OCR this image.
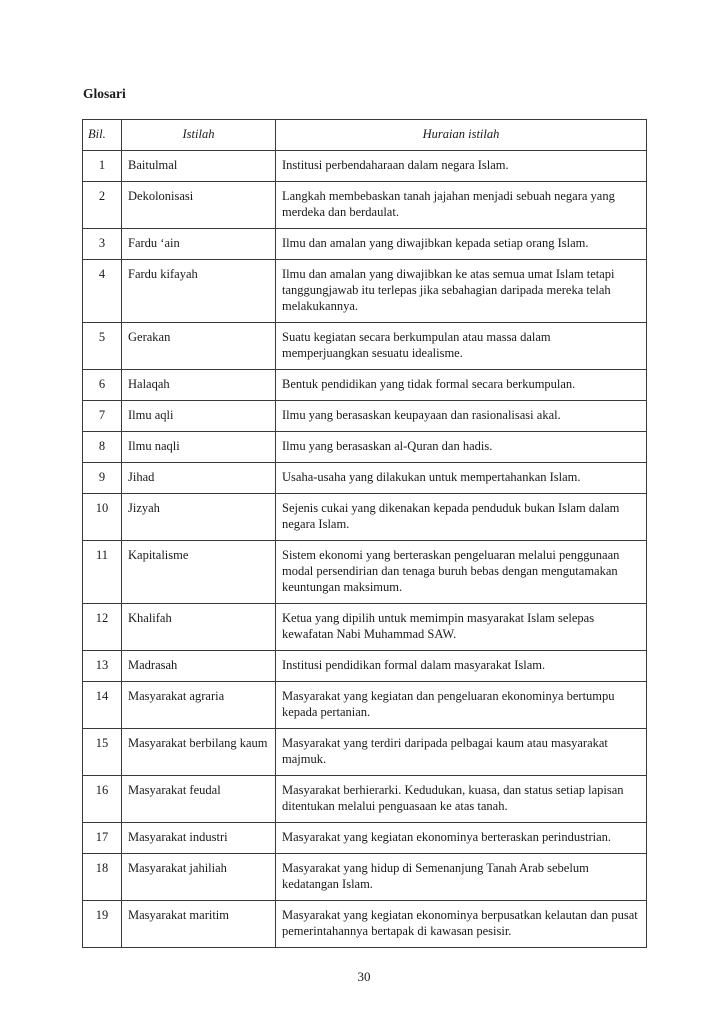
Glosari
Bil.	Istilah	Huraian istilah
1	Baitulmal	Institusi perbendaharaan dalam negara Islam.
2	Dekolonisasi	Langkah membebaskan tanah jajahan menjadi sebuah negara yang merdeka dan berdaulat.
3	Fardu ‘ain	Ilmu dan amalan yang diwajibkan kepada setiap orang Islam.
4	Fardu kifayah	Ilmu dan amalan yang diwajibkan ke atas semua umat Islam tetapi tanggungjawab itu terlepas jika sebahagian daripada mereka telah melakukannya.
5	Gerakan	Suatu kegiatan secara berkumpulan atau massa dalam memperjuangkan sesuatu idealisme.
6	Halaqah	Bentuk pendidikan yang tidak formal secara berkumpulan.
7	Ilmu aqli	Ilmu yang berasaskan keupayaan dan rasionalisasi akal.
8	Ilmu naqli	Ilmu yang berasaskan al-Quran dan hadis.
9	Jihad	Usaha-usaha yang dilakukan untuk mempertahankan Islam.
10	Jizyah	Sejenis cukai yang dikenakan kepada penduduk bukan Islam dalam negara Islam.
11	Kapitalisme	Sistem ekonomi yang berteraskan pengeluaran melalui penggunaan modal persendirian dan tenaga buruh bebas dengan mengutamakan keuntungan maksimum.
12	Khalifah	Ketua yang dipilih untuk memimpin masyarakat Islam selepas kewafatan Nabi Muhammad SAW.
13	Madrasah	Institusi pendidikan formal dalam masyarakat Islam.
14	Masyarakat agraria	Masyarakat yang kegiatan dan pengeluaran ekonominya bertumpu kepada pertanian.
15	Masyarakat berbilang kaum	Masyarakat yang terdiri daripada pelbagai kaum atau masyarakat majmuk.
16	Masyarakat feudal	Masyarakat berhierarki. Kedudukan, kuasa, dan status setiap lapisan ditentukan melalui penguasaan ke atas tanah.
17	Masyarakat industri	Masyarakat yang kegiatan ekonominya berteraskan perindustrian.
18	Masyarakat jahiliah	Masyarakat yang hidup di Semenanjung Tanah Arab sebelum kedatangan Islam.
19	Masyarakat maritim	Masyarakat yang kegiatan ekonominya berpusatkan kelautan dan pusat pemerintahannya bertapak di kawasan pesisir.
30
